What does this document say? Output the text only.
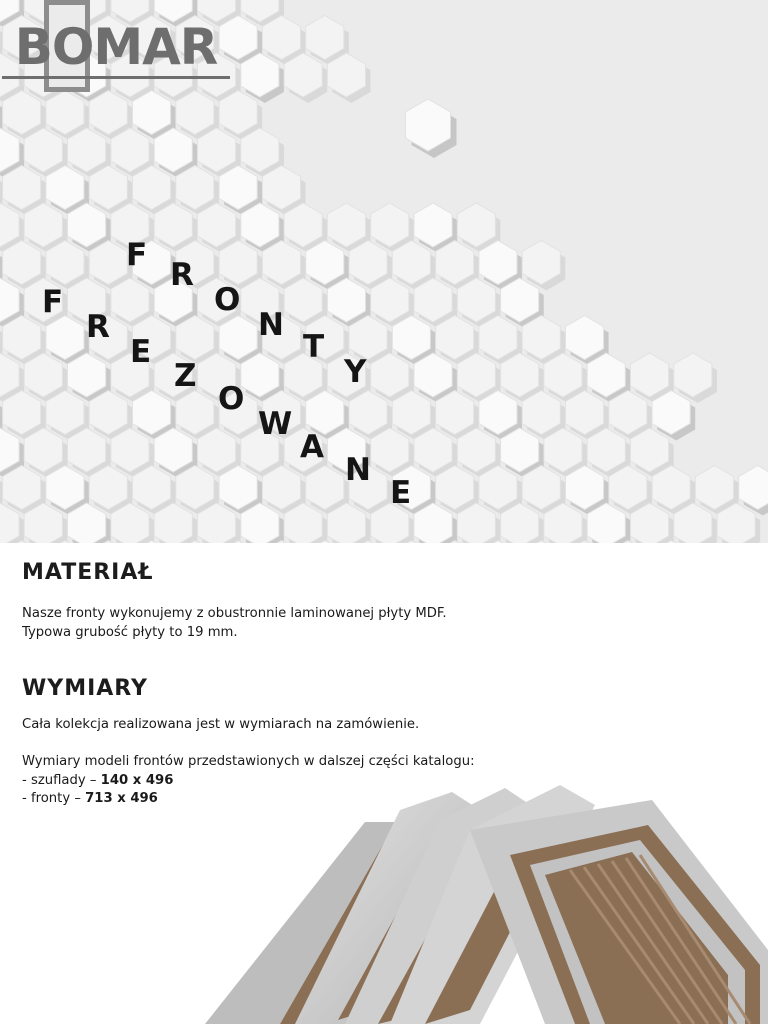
F
R
O
N
T
Y
F
R
E
Z
O
W
A
N
E
BOMAR
MATERIAŁ

Nasze fronty wykonujemy z obustronnie laminowanej płyty MDF.

Typowa grubość płyty to 19 mm.

WYMIARY

Cała kolekcja realizowana jest w wymiarach na zamówienie.

Wymiary modeli frontów przedstawionych w dalszej części katalogu:

- szuflady – 140 x 496

- fronty – 713 x 496
